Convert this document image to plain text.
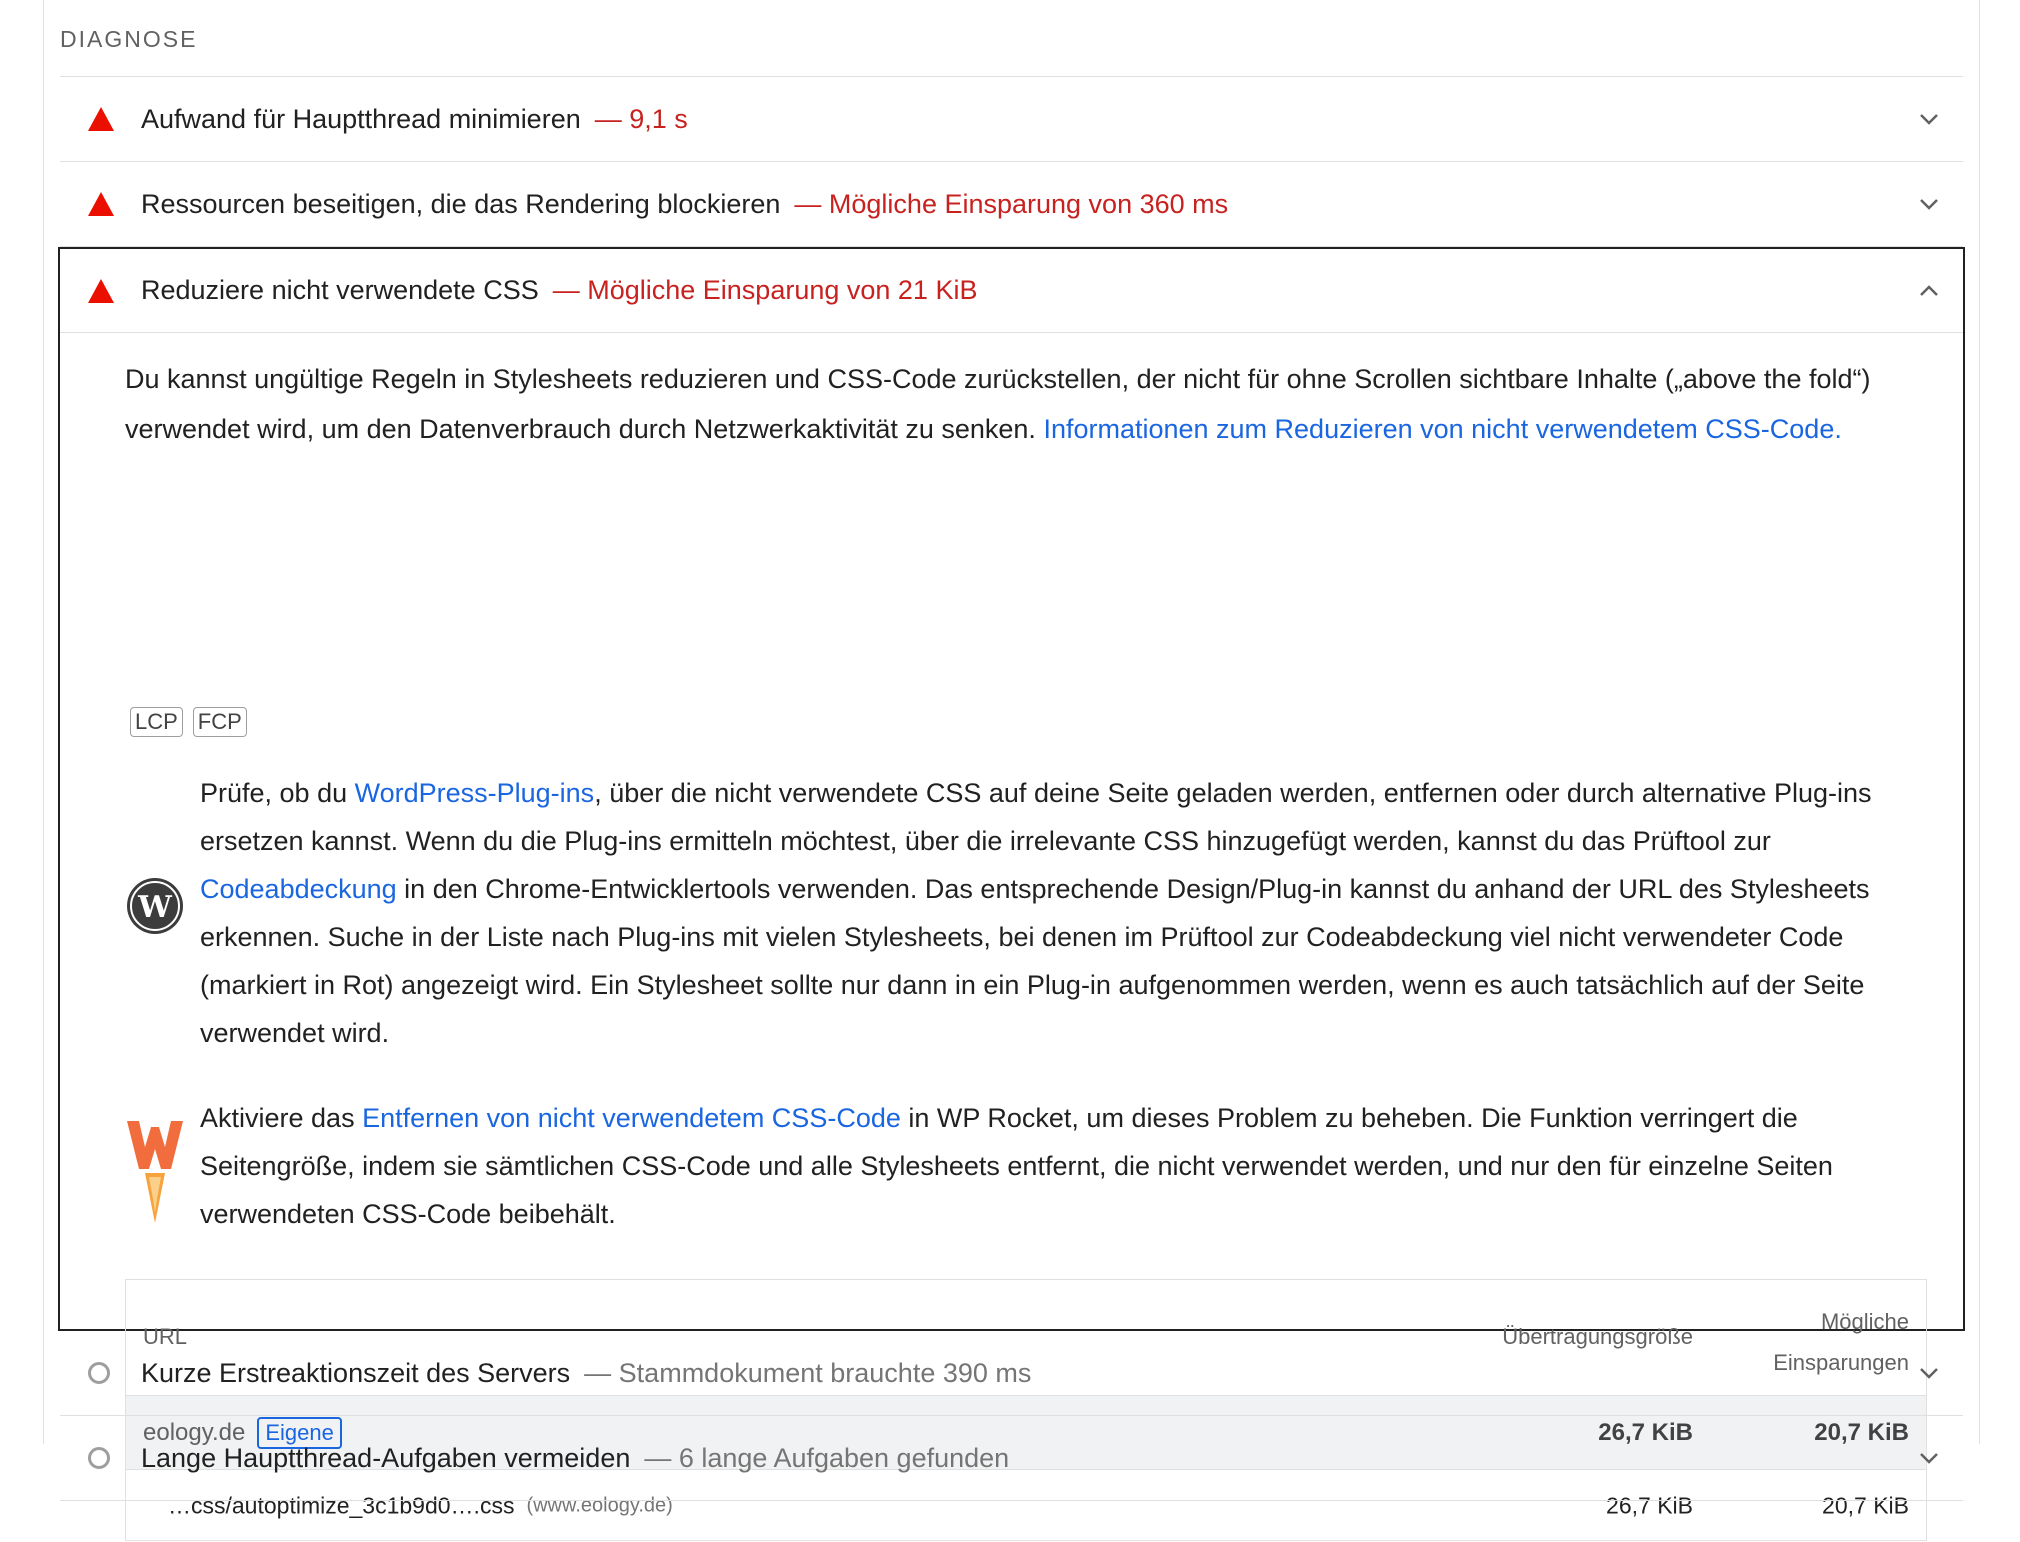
DIAGNOSE
Aufwand für Hauptthread minimieren — 9,1 s
Ressourcen beseitigen, die das Rendering blockieren — Mögliche Einsparung von 360 ms
Reduziere nicht verwendete CSS — Mögliche Einsparung von 21 KiB
Du kannst ungültige Regeln in Stylesheets reduzieren und CSS-Code zurückstellen, der nicht für ohne Scrollen sichtbare Inhalte („above the fold“) verwendet wird, um den Datenverbrauch durch Netzwerkaktivität zu senken. Informationen zum Reduzieren von nicht verwendetem CSS-Code.
LCP FCP
W
Prüfe, ob du WordPress-Plug-ins, über die nicht verwendete CSS auf deine Seite geladen werden, entfernen oder durch alternative Plug-ins ersetzen kannst. Wenn du die Plug-ins ermitteln möchtest, über die irrelevante CSS hinzugefügt werden, kannst du das Prüftool zur Codeabdeckung in den Chrome-Entwicklertools verwenden. Das entsprechende Design/Plug-in kannst du anhand der URL des Stylesheets erkennen. Suche in der Liste nach Plug-ins mit vielen Stylesheets, bei denen im Prüftool zur Codeabdeckung viel nicht verwendeter Code (markiert in Rot) angezeigt wird. Ein Stylesheet sollte nur dann in ein Plug-in aufgenommen werden, wenn es auch tatsächlich auf der Seite verwendet wird.
Aktiviere das Entfernen von nicht verwendetem CSS-Code in WP Rocket, um dieses Problem zu beheben. Die Funktion verringert die Seitengröße, indem sie sämtlichen CSS-Code und alle Stylesheets entfernt, die nicht verwendet werden, und nur den für einzelne Seiten verwendeten CSS-Code beibehält.
URL	Übertragungsgröße
Mögliche
Einsparungen
eology.de Eigene	26,7 KiB	20,7 KiB
…css/autoptimize_3c1b9d0….css (www.eology.de)	26,7 KiB	20,7 KiB
Kurze Erstreaktionszeit des Servers — Stammdokument brauchte 390 ms
Lange Hauptthread-Aufgaben vermeiden — 6 lange Aufgaben gefunden
